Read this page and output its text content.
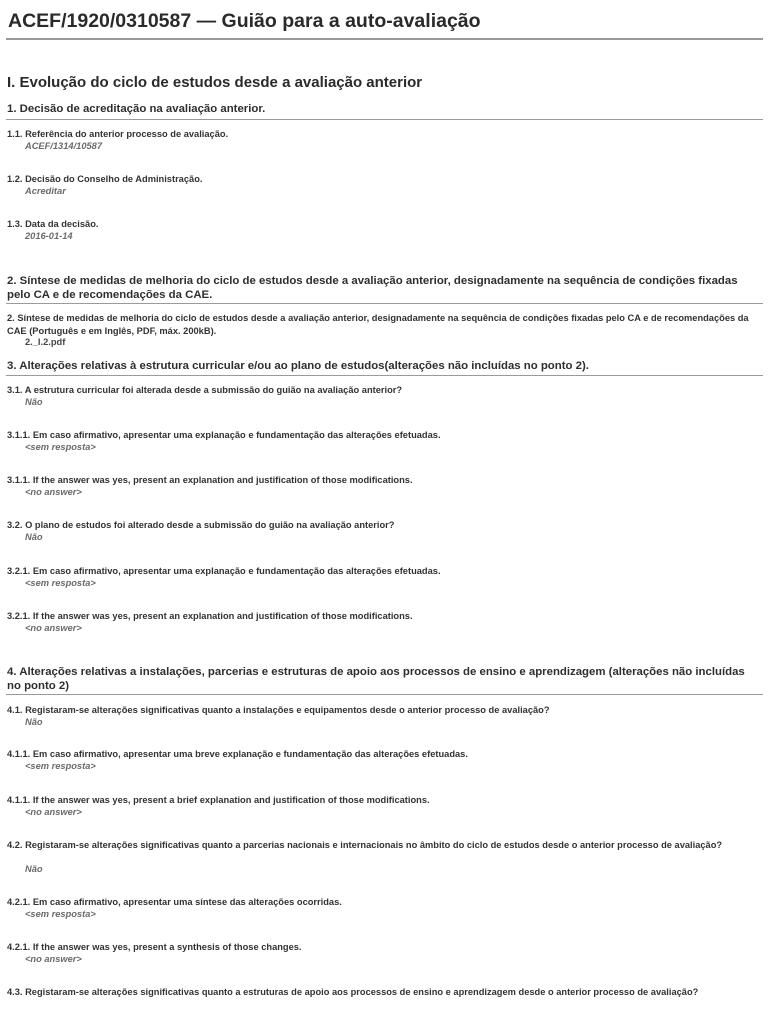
ACEF/1920/0310587 — Guião para a auto-avaliação
I. Evolução do ciclo de estudos desde a avaliação anterior
1. Decisão de acreditação na avaliação anterior.

1.1. Referência do anterior processo de avaliação.

ACEF/1314/10587

1.2. Decisão do Conselho de Administração.

Acreditar

1.3. Data da decisão.

2016-01-14

2. Síntese de medidas de melhoria do ciclo de estudos desde a avaliação anterior, designadamente na sequência de condições fixadas pelo CA e de recomendações da CAE.

2. Síntese de medidas de melhoria do ciclo de estudos desde a avaliação anterior, designadamente na sequência de condições fixadas pelo CA e de recomendações da CAE (Português e em Inglês, PDF, máx. 200kB).

2._I.2.pdf

3. Alterações relativas à estrutura curricular e/ou ao plano de estudos(alterações não incluídas no ponto 2).

3.1. A estrutura curricular foi alterada desde a submissão do guião na avaliação anterior?

Não

3.1.1. Em caso afirmativo, apresentar uma explanação e fundamentação das alterações efetuadas.

<sem resposta>

3.1.1. If the answer was yes, present an explanation and justification of those modifications.

<no answer>

3.2. O plano de estudos foi alterado desde a submissão do guião na avaliação anterior?

Não

3.2.1. Em caso afirmativo, apresentar uma explanação e fundamentação das alterações efetuadas.

<sem resposta>

3.2.1. If the answer was yes, present an explanation and justification of those modifications.

<no answer>

4. Alterações relativas a instalações, parcerias e estruturas de apoio aos processos de ensino e aprendizagem (alterações não incluídas no ponto 2)

4.1. Registaram-se alterações significativas quanto a instalações e equipamentos desde o anterior processo de avaliação?

Não

4.1.1. Em caso afirmativo, apresentar uma breve explanação e fundamentação das alterações efetuadas.

<sem resposta>

4.1.1. If the answer was yes, present a brief explanation and justification of those modifications.

<no answer>

4.2. Registaram-se alterações significativas quanto a parcerias nacionais e internacionais no âmbito do ciclo de estudos desde o anterior processo de avaliação?

Não

4.2.1. Em caso afirmativo, apresentar uma síntese das alterações ocorridas.

<sem resposta>

4.2.1. If the answer was yes, present a synthesis of those changes.

<no answer>

4.3. Registaram-se alterações significativas quanto a estruturas de apoio aos processos de ensino e aprendizagem desde o anterior processo de avaliação?
